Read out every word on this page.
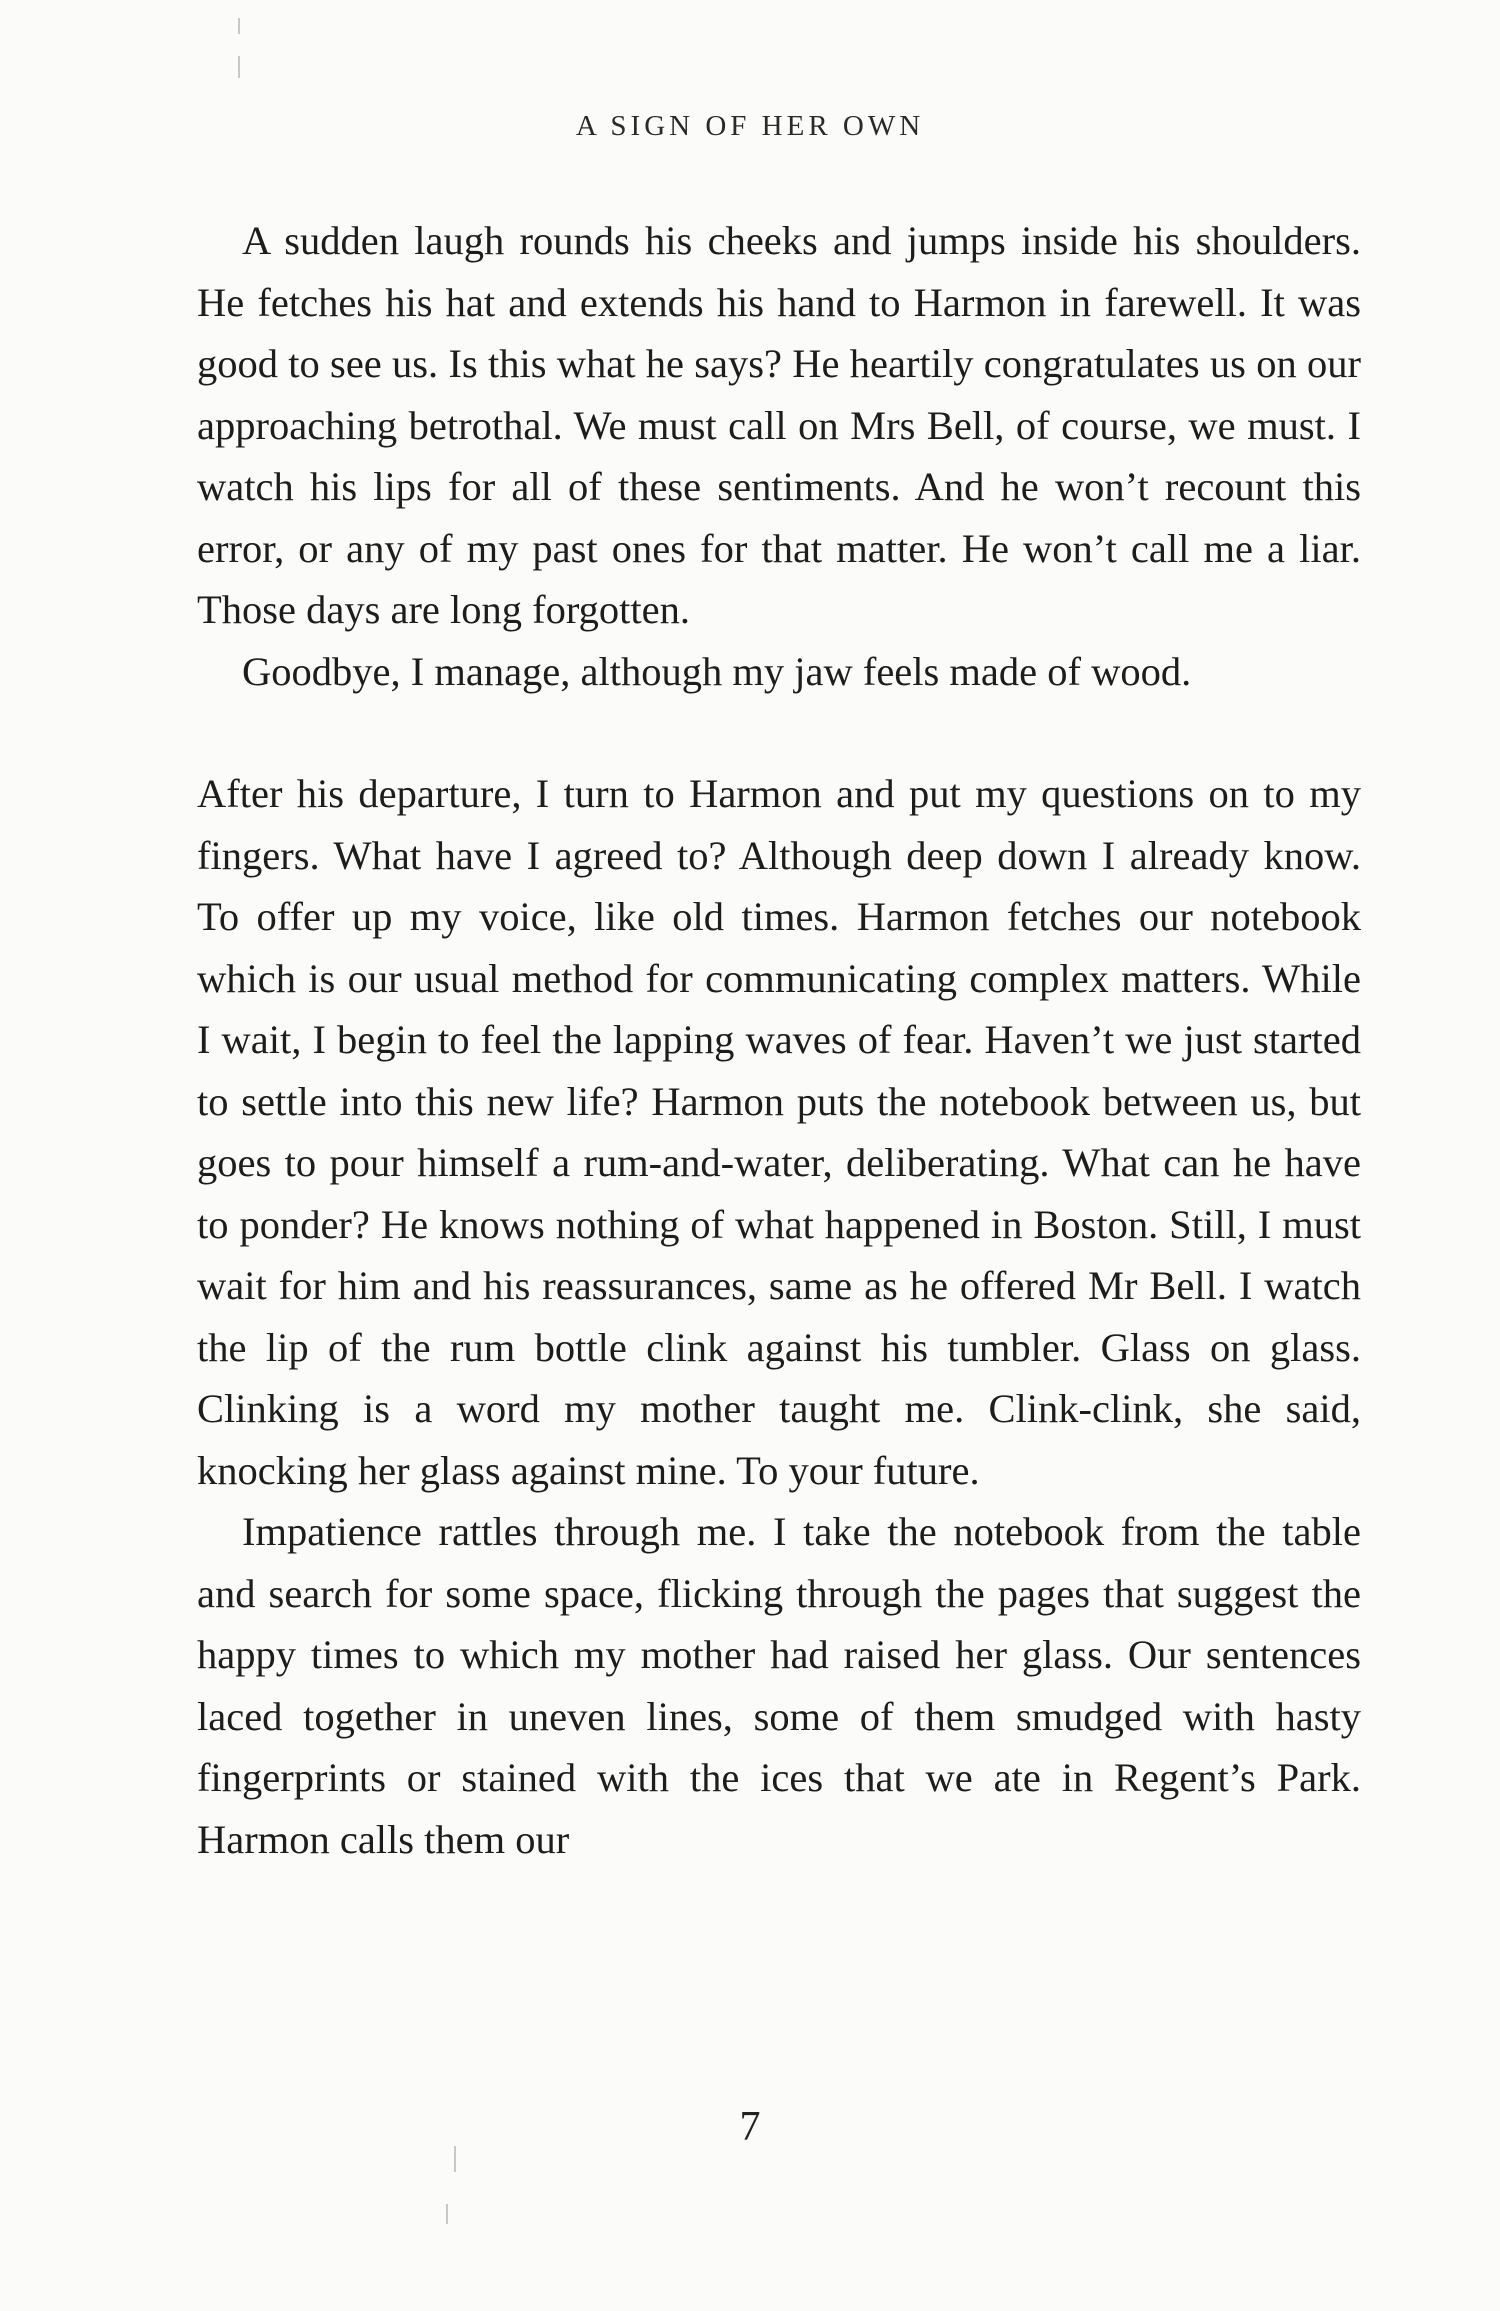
A SIGN OF HER OWN

A sudden laugh rounds his cheeks and jumps inside his shoulders. He fetches his hat and extends his hand to Harmon in farewell. It was good to see us. Is this what he says? He heartily congratulates us on our approaching betrothal. We must call on Mrs Bell, of course, we must. I watch his lips for all of these sentiments. And he won’t recount this error, or any of my past ones for that matter. He won’t call me a liar. Those days are long forgotten.

Goodbye, I manage, although my jaw feels made of wood.

After his departure, I turn to Harmon and put my questions on to my fingers. What have I agreed to? Although deep down I already know. To offer up my voice, like old times. Harmon fetches our notebook which is our usual method for communicating complex matters. While I wait, I begin to feel the lapping waves of fear. Haven’t we just started to settle into this new life? Harmon puts the notebook between us, but goes to pour himself a rum-and-water, deliberating. What can he have to ponder? He knows nothing of what happened in Boston. Still, I must wait for him and his reassurances, same as he offered Mr Bell. I watch the lip of the rum bottle clink against his tumbler. Glass on glass. Clinking is a word my mother taught me. Clink-clink, she said, knocking her glass against mine. To your future.

Impatience rattles through me. I take the notebook from the table and search for some space, flicking through the pages that suggest the happy times to which my mother had raised her glass. Our sentences laced together in uneven lines, some of them smudged with hasty fingerprints or stained with the ices that we ate in Regent’s Park. Harmon calls them our

7
